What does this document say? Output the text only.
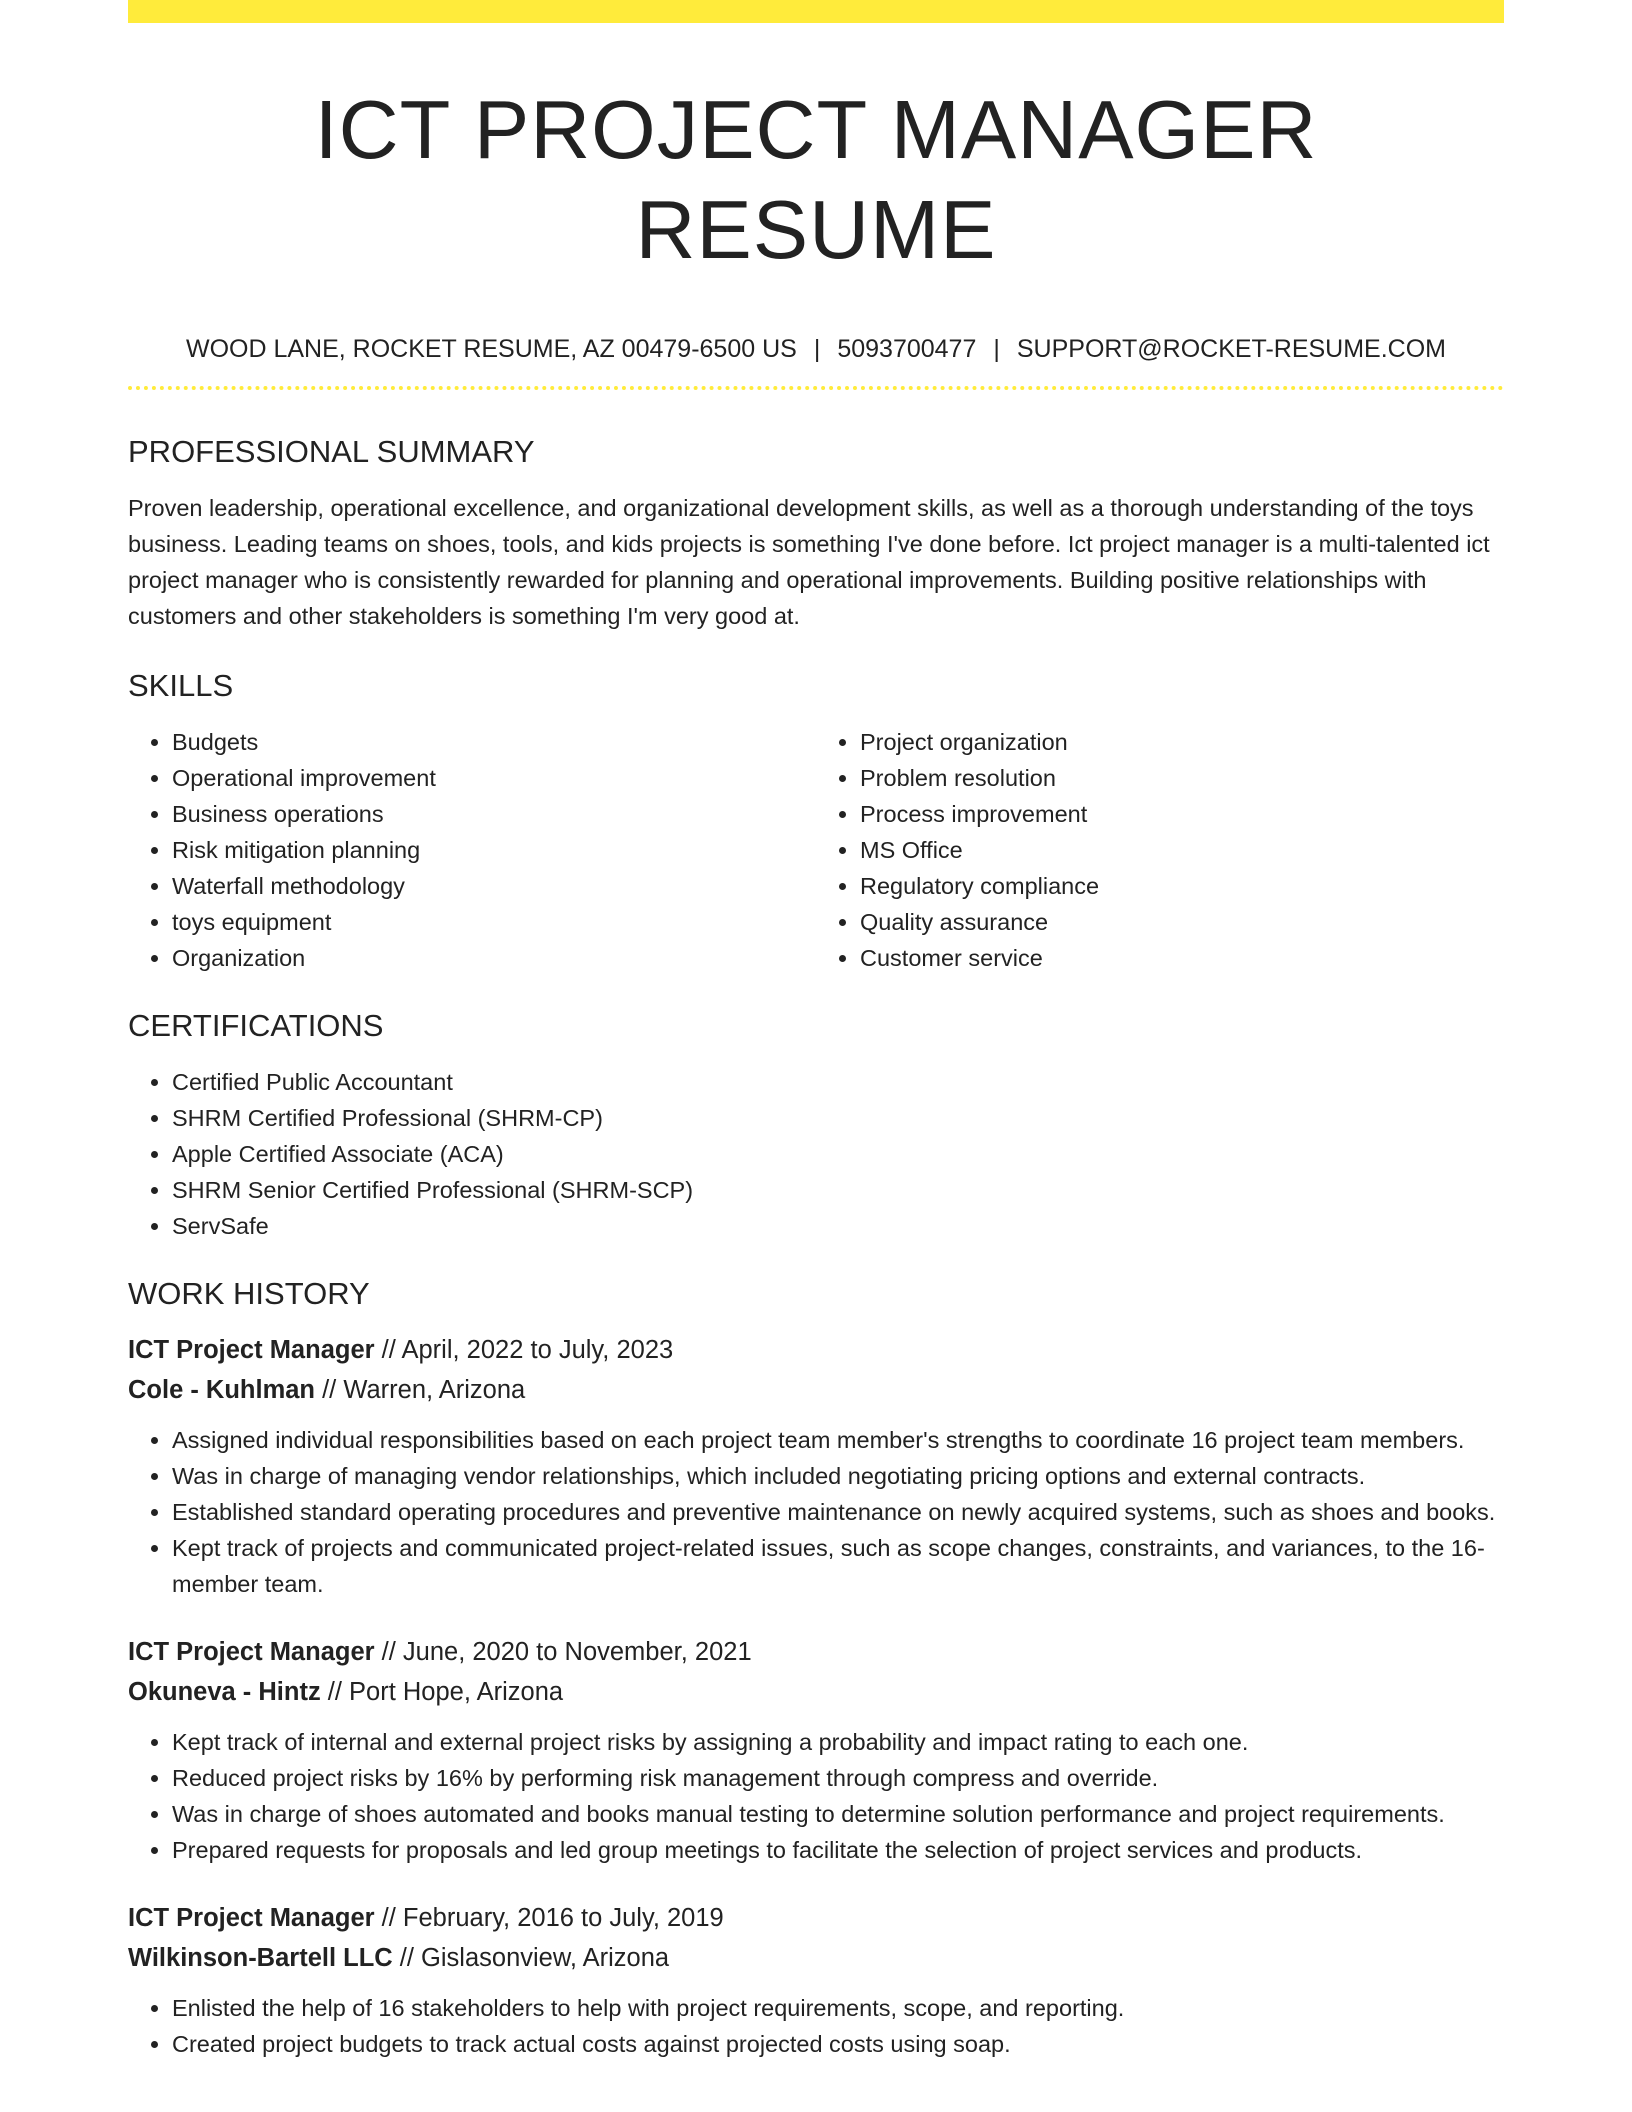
ICT PROJECT MANAGER RESUME
WOOD LANE, ROCKET RESUME, AZ 00479-6500 US | 5093700477 | SUPPORT@ROCKET-RESUME.COM
PROFESSIONAL SUMMARY

Proven leadership, operational excellence, and organizational development skills, as well as a thorough understanding of the toys business. Leading teams on shoes, tools, and kids projects is something I've done before. Ict project manager is a multi-talented ict project manager who is consistently rewarded for planning and operational improvements. Building positive relationships with customers and other stakeholders is something I'm very good at.

SKILLS
• Budgets
• Operational improvement
• Business operations
• Risk mitigation planning
• Waterfall methodology
• toys equipment
• Organization
• Project organization
• Problem resolution
• Process improvement
• MS Office
• Regulatory compliance
• Quality assurance
• Customer service
CERTIFICATIONS
• Certified Public Accountant
• SHRM Certified Professional (SHRM-CP)
• Apple Certified Associate (ACA)
• SHRM Senior Certified Professional (SHRM-SCP)
• ServSafe
WORK HISTORY

ICT Project Manager // April, 2022 to July, 2023

Cole - Kuhlman // Warren, Arizona

• Assigned individual responsibilities based on each project team member's strengths to coordinate 16 project team members.
• Was in charge of managing vendor relationships, which included negotiating pricing options and external contracts.
• Established standard operating procedures and preventive maintenance on newly acquired systems, such as shoes and books.
• Kept track of projects and communicated project-related issues, such as scope changes, constraints, and variances, to the 16-member team.

ICT Project Manager // June, 2020 to November, 2021

Okuneva - Hintz // Port Hope, Arizona

• Kept track of internal and external project risks by assigning a probability and impact rating to each one.
• Reduced project risks by 16% by performing risk management through compress and override.
• Was in charge of shoes automated and books manual testing to determine solution performance and project requirements.
• Prepared requests for proposals and led group meetings to facilitate the selection of project services and products.

ICT Project Manager // February, 2016 to July, 2019

Wilkinson-Bartell LLC // Gislasonview, Arizona

• Enlisted the help of 16 stakeholders to help with project requirements, scope, and reporting.
• Created project budgets to track actual costs against projected costs using soap.
